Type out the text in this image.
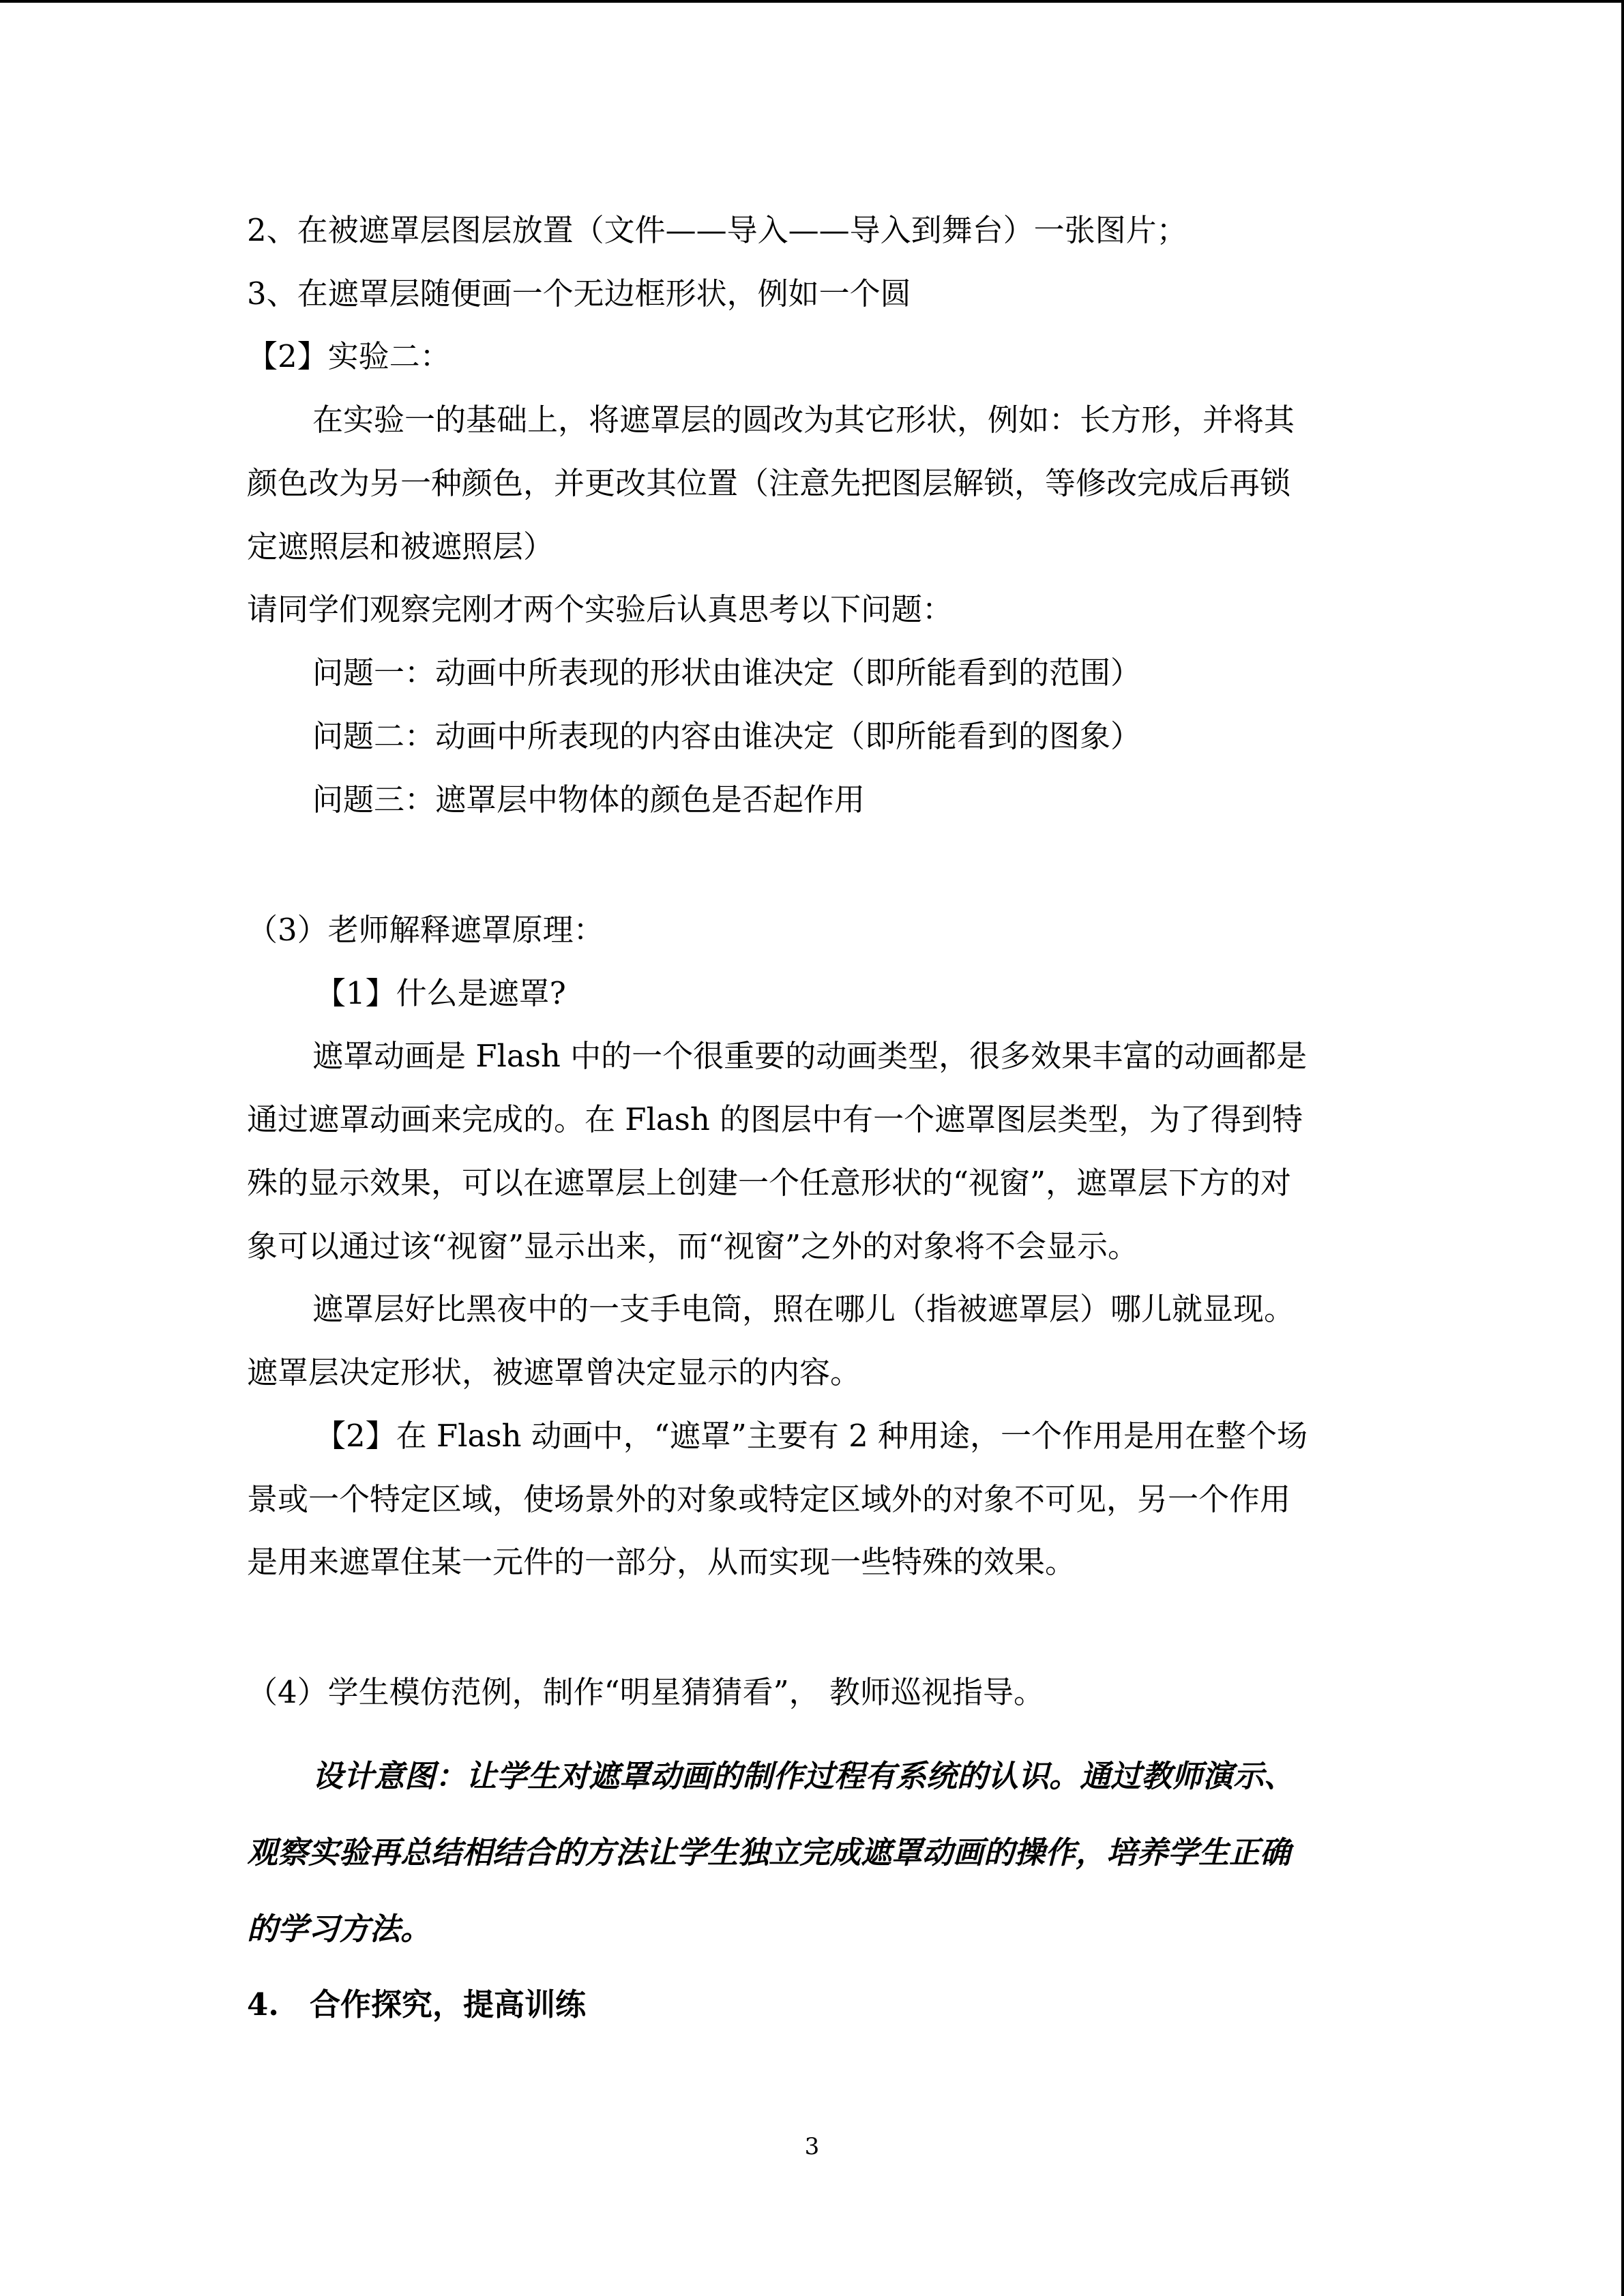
2、在被遮罩层图层放置（文件——导入——导入到舞台）一张图片；

3、在遮罩层随便画一个无边框形状，例如一个圆

【2】实验二：

在实验一的基础上，将遮罩层的圆改为其它形状，例如：长方形，并将其

颜色改为另一种颜色，并更改其位置（注意先把图层解锁，等修改完成后再锁

定遮照层和被遮照层）

请同学们观察完刚才两个实验后认真思考以下问题：

问题一：动画中所表现的形状由谁决定（即所能看到的范围）

问题二：动画中所表现的内容由谁决定（即所能看到的图象）

问题三：遮罩层中物体的颜色是否起作用

（3）老师解释遮罩原理：

【1】什么是遮罩?

遮罩动画是 Flash 中的一个很重要的动画类型，很多效果丰富的动画都是

通过遮罩动画来完成的。在 Flash 的图层中有一个遮罩图层类型，为了得到特

殊的显示效果，可以在遮罩层上创建一个任意形状的“视窗”，遮罩层下方的对

象可以通过该“视窗”显示出来，而“视窗”之外的对象将不会显示。

遮罩层好比黑夜中的一支手电筒，照在哪儿（指被遮罩层）哪儿就显现。

遮罩层决定形状，被遮罩曾决定显示的内容。

【2】在 Flash 动画中，“遮罩”主要有 2 种用途，一个作用是用在整个场

景或一个特定区域，使场景外的对象或特定区域外的对象不可见，另一个作用

是用来遮罩住某一元件的一部分，从而实现一些特殊的效果。

（4）学生模仿范例，制作“明星猜猜看”， 教师巡视指导。

设计意图：让学生对遮罩动画的制作过程有系统的认识。通过教师演示、

观察实验再总结相结合的方法让学生独立完成遮罩动画的操作，培养学生正确

的学习方法。

4.　合作探究，提高训练

3
